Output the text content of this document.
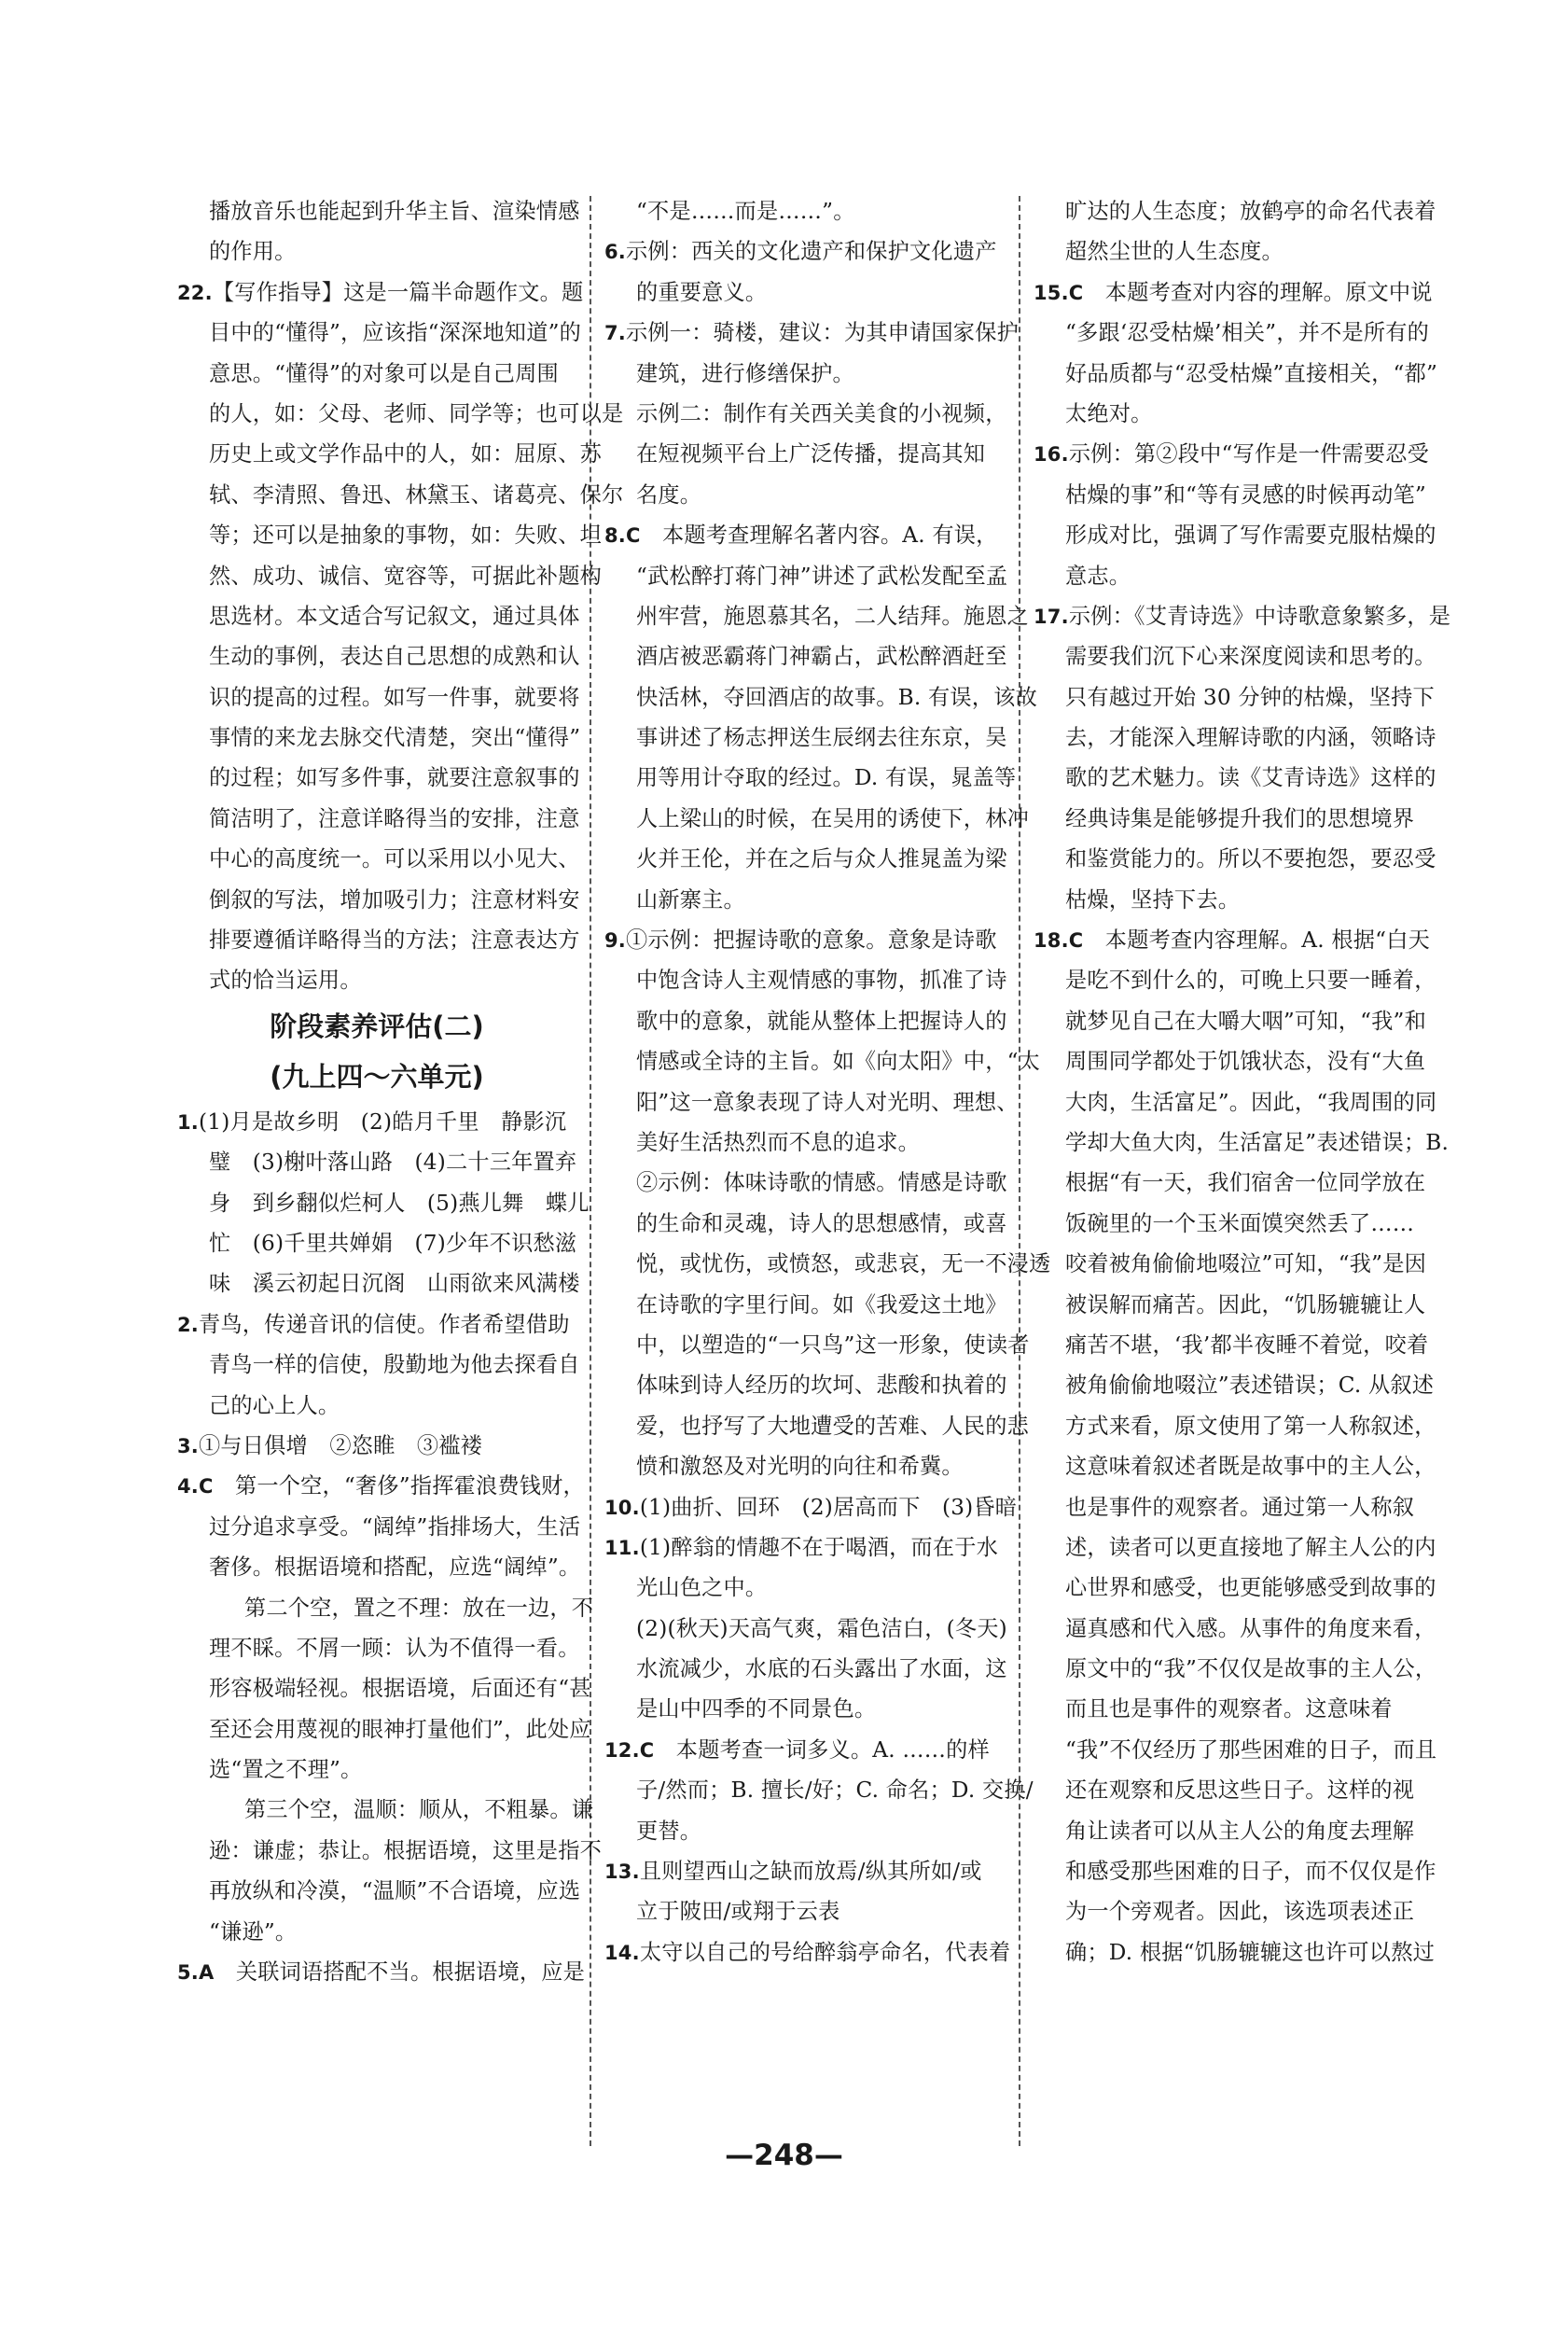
播放音乐也能起到升华主旨、渲染情感
的作用。
22.【写作指导】这是一篇半命题作文。题
目中的“懂得”，应该指“深深地知道”的
意思。“懂得”的对象可以是自己周围
的人，如：父母、老师、同学等；也可以是
历史上或文学作品中的人，如：屈原、苏
轼、李清照、鲁迅、林黛玉、诸葛亮、保尔
等；还可以是抽象的事物，如：失败、坦
然、成功、诚信、宽容等，可据此补题构
思选材。本文适合写记叙文，通过具体
生动的事例，表达自己思想的成熟和认
识的提高的过程。如写一件事，就要将
事情的来龙去脉交代清楚，突出“懂得”
的过程；如写多件事，就要注意叙事的
简洁明了，注意详略得当的安排，注意
中心的高度统一。可以采用以小见大、
倒叙的写法，增加吸引力；注意材料安
排要遵循详略得当的方法；注意表达方
式的恰当运用。
阶段素养评估(二)
(九上四～六单元)
1.(1)月是故乡明　(2)皓月千里　静影沉
璧　(3)榭叶落山路　(4)二十三年置弃
身　到乡翻似烂柯人　(5)燕儿舞　蝶儿
忙　(6)千里共婵娟　(7)少年不识愁滋
味　溪云初起日沉阁　山雨欲来风满楼
2.青鸟，传递音讯的信使。作者希望借助
青鸟一样的信使，殷勤地为他去探看自
己的心上人。
3.①与日俱增　②恣睢　③褴褛
4.C　第一个空，“奢侈”指挥霍浪费钱财，
过分追求享受。“阔绰”指排场大，生活
奢侈。根据语境和搭配，应选“阔绰”。
第二个空，置之不理：放在一边，不
理不睬。不屑一顾：认为不值得一看。
形容极端轻视。根据语境，后面还有“甚
至还会用蔑视的眼神打量他们”，此处应
选“置之不理”。
第三个空，温顺：顺从，不粗暴。谦
逊：谦虚；恭让。根据语境，这里是指不
再放纵和冷漠，“温顺”不合语境，应选
“谦逊”。
5.A　关联词语搭配不当。根据语境，应是
“不是……而是……”。
6.示例：西关的文化遗产和保护文化遗产
的重要意义。
7.示例一：骑楼，建议：为其申请国家保护
建筑，进行修缮保护。
示例二：制作有关西关美食的小视频，
在短视频平台上广泛传播，提高其知
名度。
8.C　本题考查理解名著内容。A. 有误，
“武松醉打蒋门神”讲述了武松发配至孟
州牢营，施恩慕其名，二人结拜。施恩之
酒店被恶霸蒋门神霸占，武松醉酒赶至
快活林，夺回酒店的故事。B. 有误，该故
事讲述了杨志押送生辰纲去往东京，吴
用等用计夺取的经过。D. 有误，晁盖等
人上梁山的时候，在吴用的诱使下，林冲
火并王伦，并在之后与众人推晁盖为梁
山新寨主。
9.①示例：把握诗歌的意象。意象是诗歌
中饱含诗人主观情感的事物，抓准了诗
歌中的意象，就能从整体上把握诗人的
情感或全诗的主旨。如《向太阳》中，“太
阳”这一意象表现了诗人对光明、理想、
美好生活热烈而不息的追求。
②示例：体味诗歌的情感。情感是诗歌
的生命和灵魂，诗人的思想感情，或喜
悦，或忧伤，或愤怒，或悲哀，无一不浸透
在诗歌的字里行间。如《我爱这土地》
中，以塑造的“一只鸟”这一形象，使读者
体味到诗人经历的坎坷、悲酸和执着的
爱，也抒写了大地遭受的苦难、人民的悲
愤和激怒及对光明的向往和希冀。
10.(1)曲折、回环　(2)居高而下　(3)昏暗
11.(1)醉翁的情趣不在于喝酒，而在于水
光山色之中。
(2)(秋天)天高气爽，霜色洁白，(冬天)
水流减少，水底的石头露出了水面，这
是山中四季的不同景色。
12.C　本题考查一词多义。A. ……的样
子/然而；B. 擅长/好；C. 命名；D. 交换/
更替。
13.且则望西山之缺而放焉/纵其所如/或
立于陂田/或翔于云表
14.太守以自己的号给醉翁亭命名，代表着
旷达的人生态度；放鹤亭的命名代表着
超然尘世的人生态度。
15.C　本题考查对内容的理解。原文中说
“多跟‘忍受枯燥’相关”，并不是所有的
好品质都与“忍受枯燥”直接相关，“都”
太绝对。
16.示例：第②段中“写作是一件需要忍受
枯燥的事”和“等有灵感的时候再动笔”
形成对比，强调了写作需要克服枯燥的
意志。
17.示例：《艾青诗选》中诗歌意象繁多，是
需要我们沉下心来深度阅读和思考的。
只有越过开始 30 分钟的枯燥，坚持下
去，才能深入理解诗歌的内涵，领略诗
歌的艺术魅力。读《艾青诗选》这样的
经典诗集是能够提升我们的思想境界
和鉴赏能力的。所以不要抱怨，要忍受
枯燥，坚持下去。
18.C　本题考查内容理解。A. 根据“白天
是吃不到什么的，可晚上只要一睡着，
就梦见自己在大嚼大咽”可知，“我”和
周围同学都处于饥饿状态，没有“大鱼
大肉，生活富足”。因此，“我周围的同
学却大鱼大肉，生活富足”表述错误；B.
根据“有一天，我们宿舍一位同学放在
饭碗里的一个玉米面馍突然丢了……
咬着被角偷偷地啜泣”可知，“我”是因
被误解而痛苦。因此，“饥肠辘辘让人
痛苦不堪，‘我’都半夜睡不着觉，咬着
被角偷偷地啜泣”表述错误；C. 从叙述
方式来看，原文使用了第一人称叙述，
这意味着叙述者既是故事中的主人公，
也是事件的观察者。通过第一人称叙
述，读者可以更直接地了解主人公的内
心世界和感受，也更能够感受到故事的
逼真感和代入感。从事件的角度来看，
原文中的“我”不仅仅是故事的主人公，
而且也是事件的观察者。这意味着
“我”不仅经历了那些困难的日子，而且
还在观察和反思这些日子。这样的视
角让读者可以从主人公的角度去理解
和感受那些困难的日子，而不仅仅是作
为一个旁观者。因此，该选项表述正
确；D. 根据“饥肠辘辘这也许可以熬过
—248—
